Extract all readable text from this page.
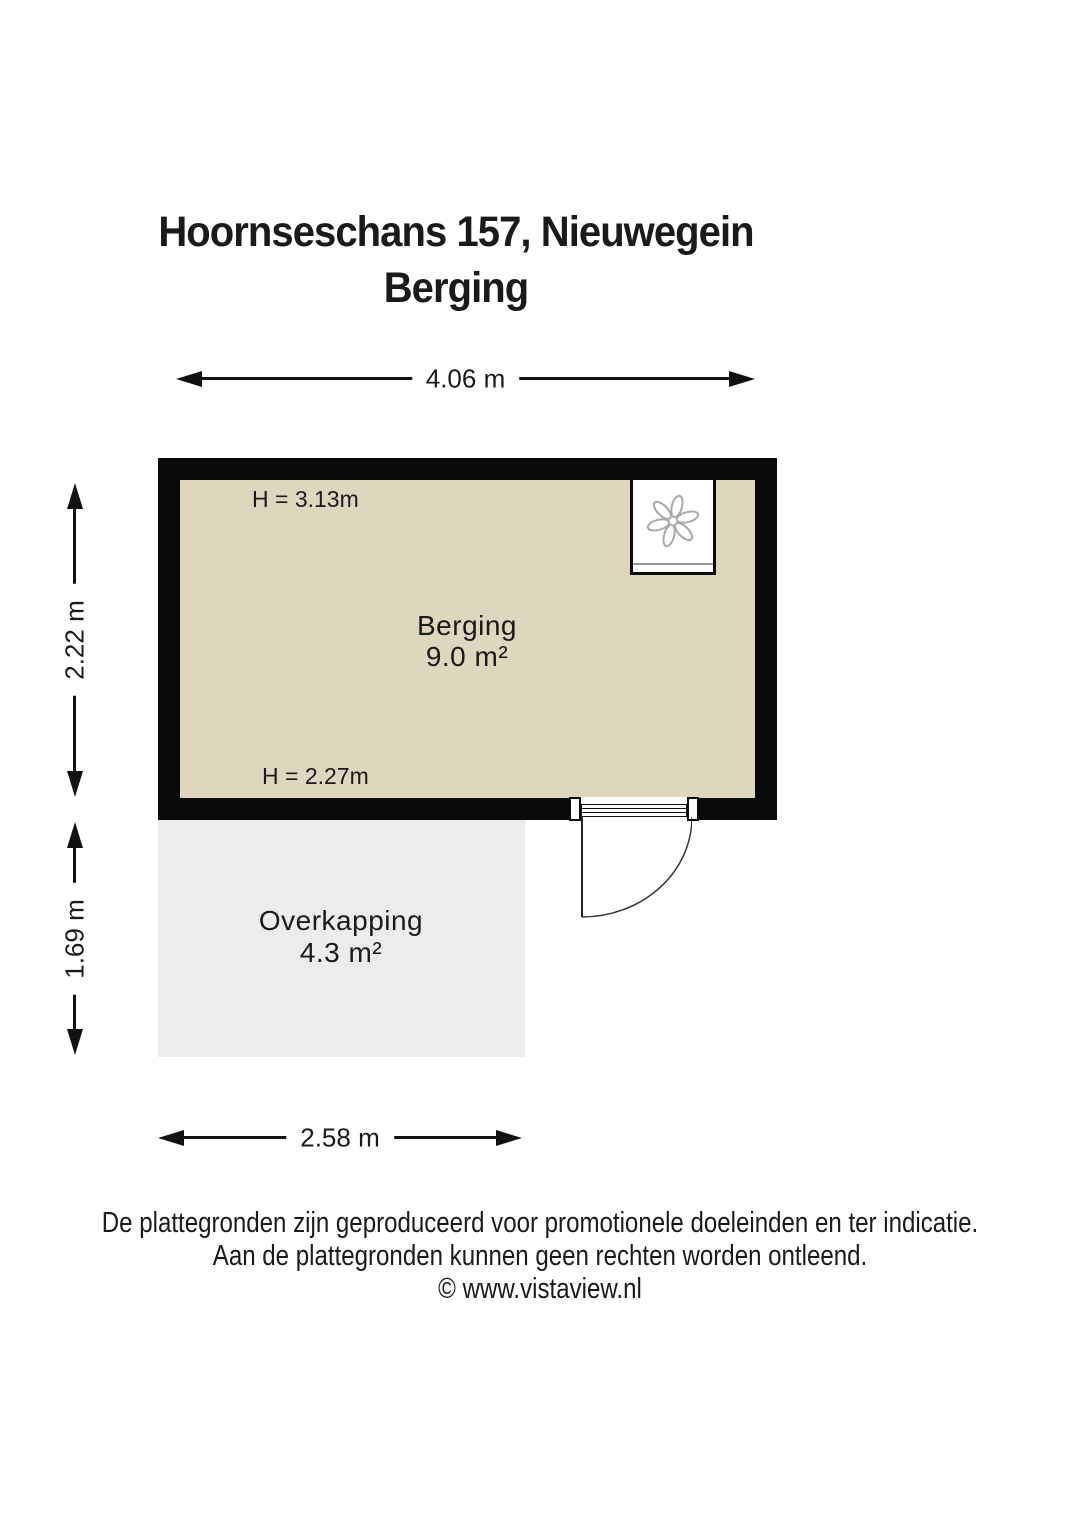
Hoornseschans 157, Nieuwegein
Berging
4.06 m
Overkapping
4.3 m²
H = 3.13m
H = 2.27m
Berging
9.0 m²
2.22 m
1.69 m
2.58 m

De plattegronden zijn geproduceerd voor promotionele doeleinden en ter indicatie.

Aan de plattegronden kunnen geen rechten worden ontleend.

© www.vistaview.nl
